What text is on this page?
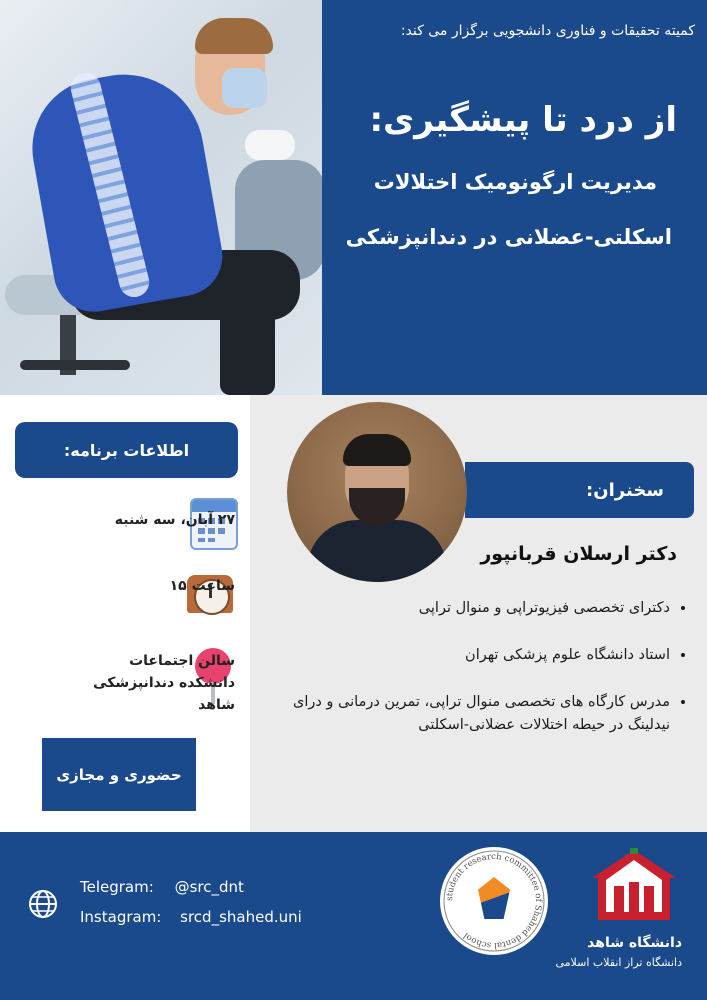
کمیته تحقیقات و فناوری دانشجویی برگزار می کند:
از درد تا پیشگیری:
مدیریت ارگونومیک اختلالات
اسکلتی-عضلانی در دندانپزشکی
اطلاعات برنامه:
۲۷ آبان، سه شنبه
ساعت ۱۵
سالن اجتماعات دانشکده دندانپزشکی شاهد
حضوری و مجازی
سخنران:
دکتر ارسلان قربانپور
• دکترای تخصصی فیزیوتراپی و منوال تراپی
• استاد دانشگاه علوم پزشکی تهران
• مدرس کارگاه های تخصصی منوال تراپی، تمرین درمانی و درای نیدلینگ در حیطه اختلالات عضلانی-اسکلتی
Telegram: @src_dnt
Instagram: srcd_shahed.uni
student research committee of Shahed dental school
دانشگاه شاهد
دانشگاه تراز انقلاب اسلامی
